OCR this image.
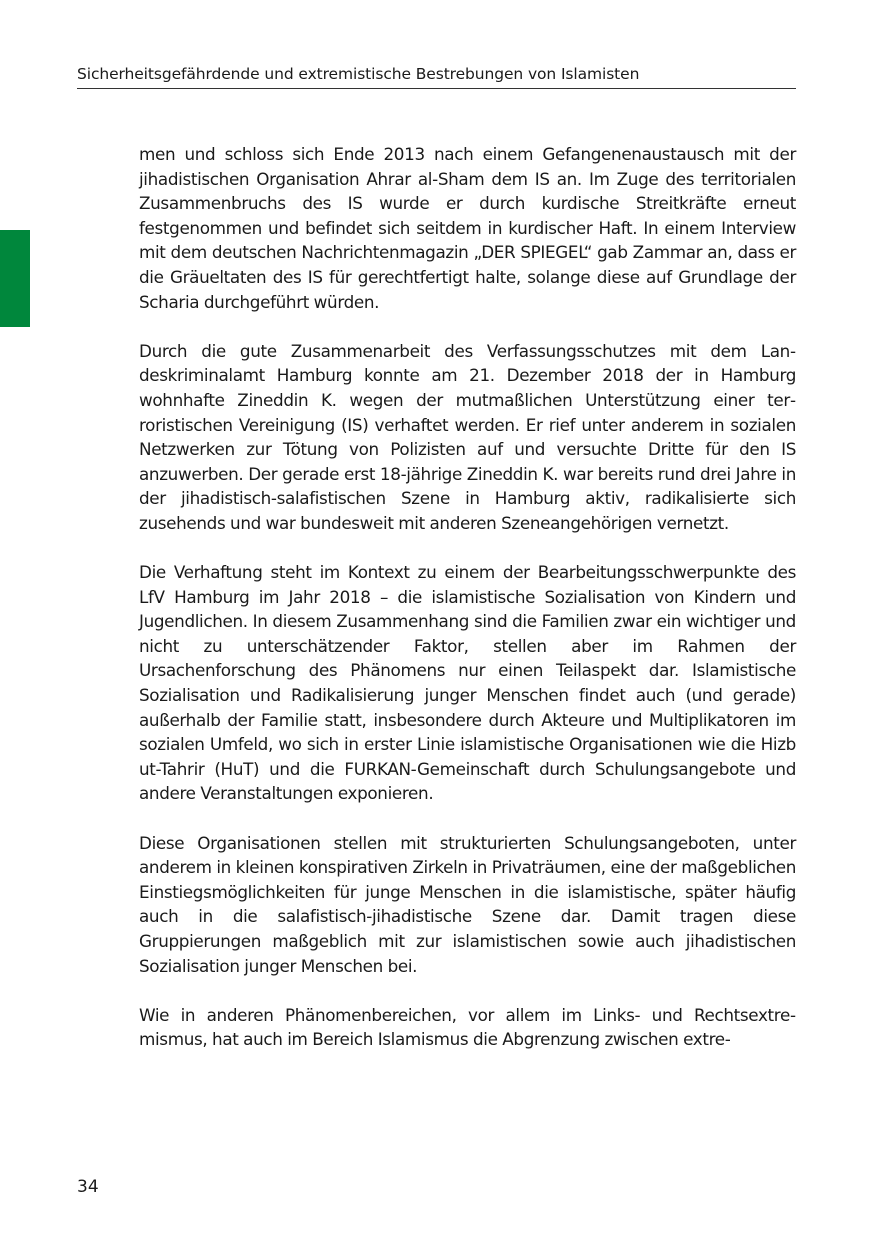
Sicherheitsgefährdende und extremistische Bestrebungen von Islamisten

men und schloss sich Ende 2013 nach einem Gefangenenaustausch mit der jihadistischen Organisation Ahrar al-Sham dem IS an. Im Zuge des territorialen Zusammenbruchs des IS wurde er durch kurdische Streitkräfte erneut festgenommen und befindet sich seitdem in kurdischer Haft. In einem Interview mit dem deutschen Nachrichtenmagazin „DER SPIEGEL“ gab Zammar an, dass er die Gräueltaten des IS für gerechtfertigt halte, solange diese auf Grundlage der Scharia durchgeführt würden.

Durch die gute Zusammenarbeit des Verfassungsschutzes mit dem Landeskriminalamt Hamburg konnte am 21. Dezember 2018 der in Hamburg wohnhafte Zineddin K. wegen der mutmaßlichen Unterstützung einer terroristischen Vereinigung (IS) verhaftet werden. Er rief unter anderem in sozialen Netzwerken zur Tötung von Polizisten auf und versuchte Dritte für den IS anzuwerben. Der gerade erst 18-jährige Zineddin K. war bereits rund drei Jahre in der jihadistisch-salafistischen Szene in Hamburg aktiv, radikalisierte sich zusehends und war bundesweit mit anderen Szeneangehörigen vernetzt.

Die Verhaftung steht im Kontext zu einem der Bearbeitungsschwerpunkte des LfV Hamburg im Jahr 2018 – die islamistische Sozialisation von Kindern und Jugendlichen. In diesem Zusammenhang sind die Familien zwar ein wichtiger und nicht zu unterschätzender Faktor, stellen aber im Rahmen der Ursachenforschung des Phänomens nur einen Teilaspekt dar. Islamistische Sozialisation und Radikalisierung junger Menschen findet auch (und gerade) außerhalb der Familie statt, insbesondere durch Akteure und Multiplikatoren im sozialen Umfeld, wo sich in erster Linie islamistische Organisationen wie die Hizb ut-Tahrir (HuT) und die FURKAN-Gemeinschaft durch Schulungsangebote und andere Veranstaltungen exponieren.

Diese Organisationen stellen mit strukturierten Schulungsangeboten, unter anderem in kleinen konspirativen Zirkeln in Privaträumen, eine der maßgeblichen Einstiegsmöglichkeiten für junge Menschen in die islamistische, später häufig auch in die salafistisch-jihadistische Szene dar. Damit tragen diese Gruppierungen maßgeblich mit zur islamistischen sowie auch jihadistischen Sozialisation junger Menschen bei.

Wie in anderen Phänomenbereichen, vor allem im Links- und Rechtsextremismus, hat auch im Bereich Islamismus die Abgrenzung zwischen extre-

34
